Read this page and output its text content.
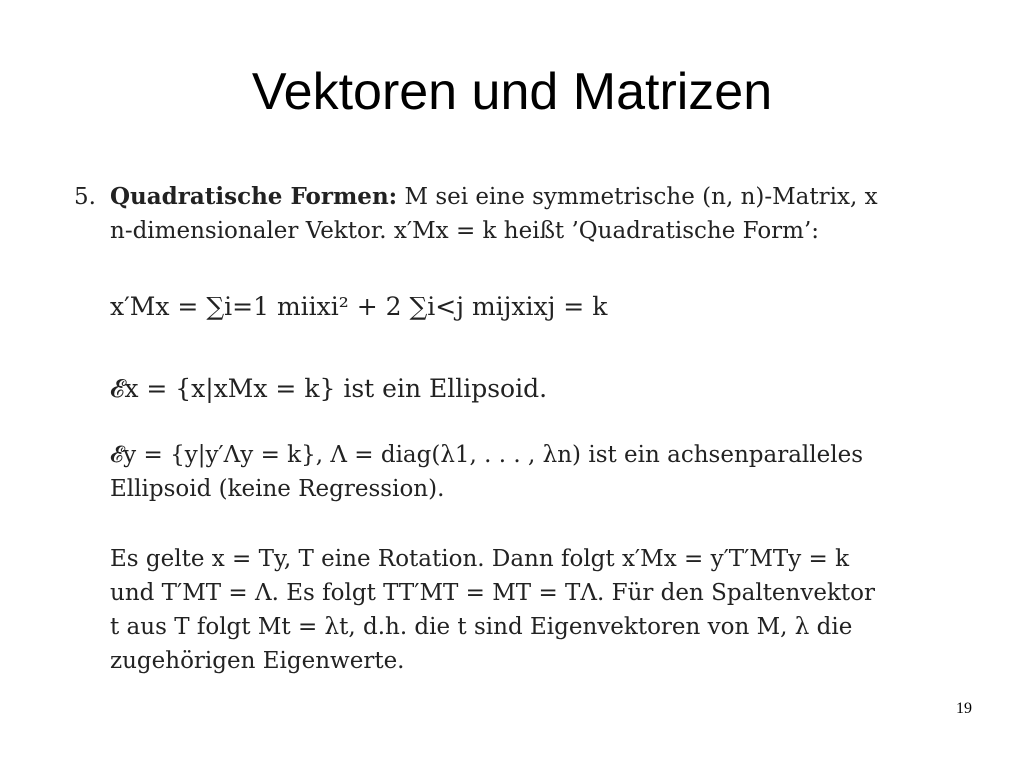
Vektoren und Matrizen
5. Quadratische Formen: M sei eine symmetrische (n, n)-Matrix, x
n-dimensionaler Vektor. x′Mx = k heißt ’Quadratische Form’:
x′Mx = ∑i=1 miixi² + 2 ∑i<j mijxixj = k
𝓔x = {x|xMx = k} ist ein Ellipsoid.
𝓔y = {y|y′Λy = k}, Λ = diag(λ1, . . . , λn) ist ein achsenparalleles
Ellipsoid (keine Regression).
Es gelte x = Ty, T eine Rotation. Dann folgt x′Mx = y′T′MTy = k
und T′MT = Λ. Es folgt TT′MT = MT = TΛ. Für den Spaltenvektor
t aus T folgt Mt = λt, d.h. die t sind Eigenvektoren von M, λ die
zugehörigen Eigenwerte.
19
